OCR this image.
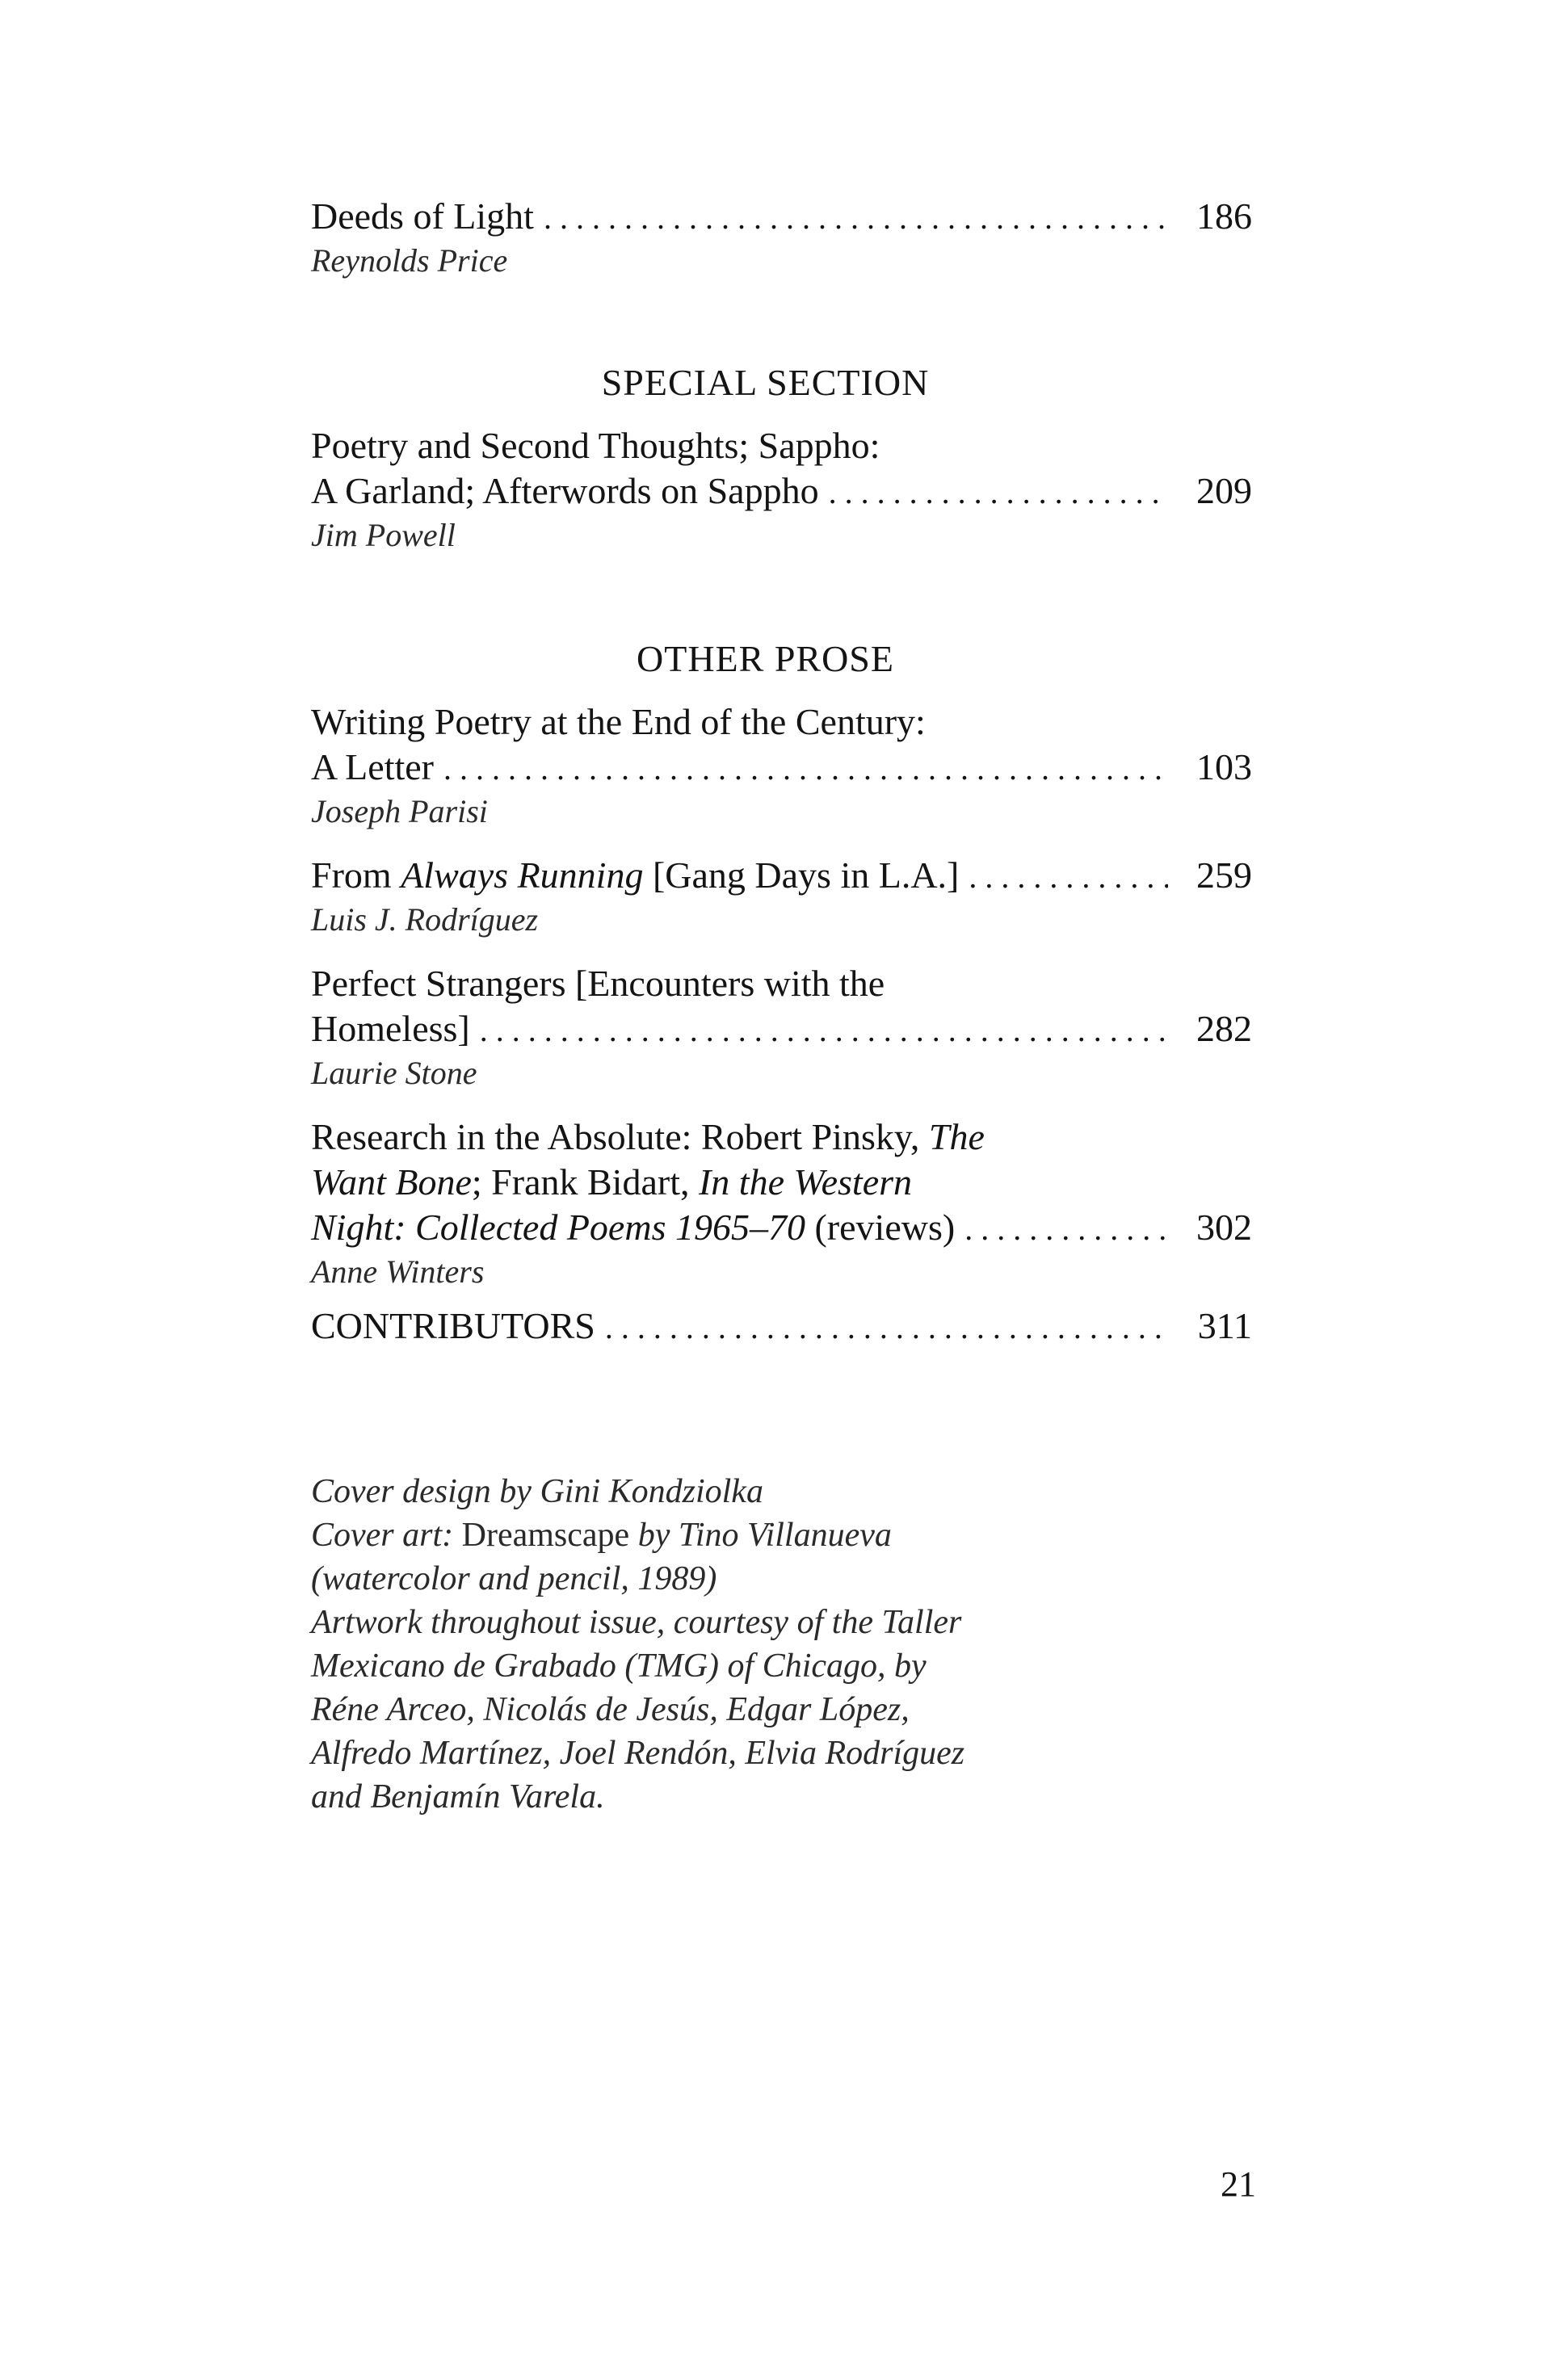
Deeds of Light . . .	186
Reynolds Price
SPECIAL SECTION
Poetry and Second Thoughts; Sappho:
A Garland; Afterwords on Sappho . . .	209
Jim Powell
OTHER PROSE
Writing Poetry at the End of the Century:
A Letter . . .	103
Joseph Parisi
From Always Running [Gang Days in L.A.] . . .	259
Luis J. Rodríguez
Perfect Strangers [Encounters with the
Homeless] . . .	282
Laurie Stone
Research in the Absolute: Robert Pinsky, The
Want Bone; Frank Bidart, In the Western
Night: Collected Poems 1965–70 (reviews) . . .	302
Anne Winters
CONTRIBUTORS . . .	311
Cover design by Gini Kondziolka
Cover art: Dreamscape by Tino Villanueva
(watercolor and pencil, 1989)
Artwork throughout issue, courtesy of the Taller
Mexicano de Grabado (TMG) of Chicago, by
Réne Arceo, Nicolás de Jesús, Edgar López,
Alfredo Martínez, Joel Rendón, Elvia Rodríguez
and Benjamín Varela.
21
